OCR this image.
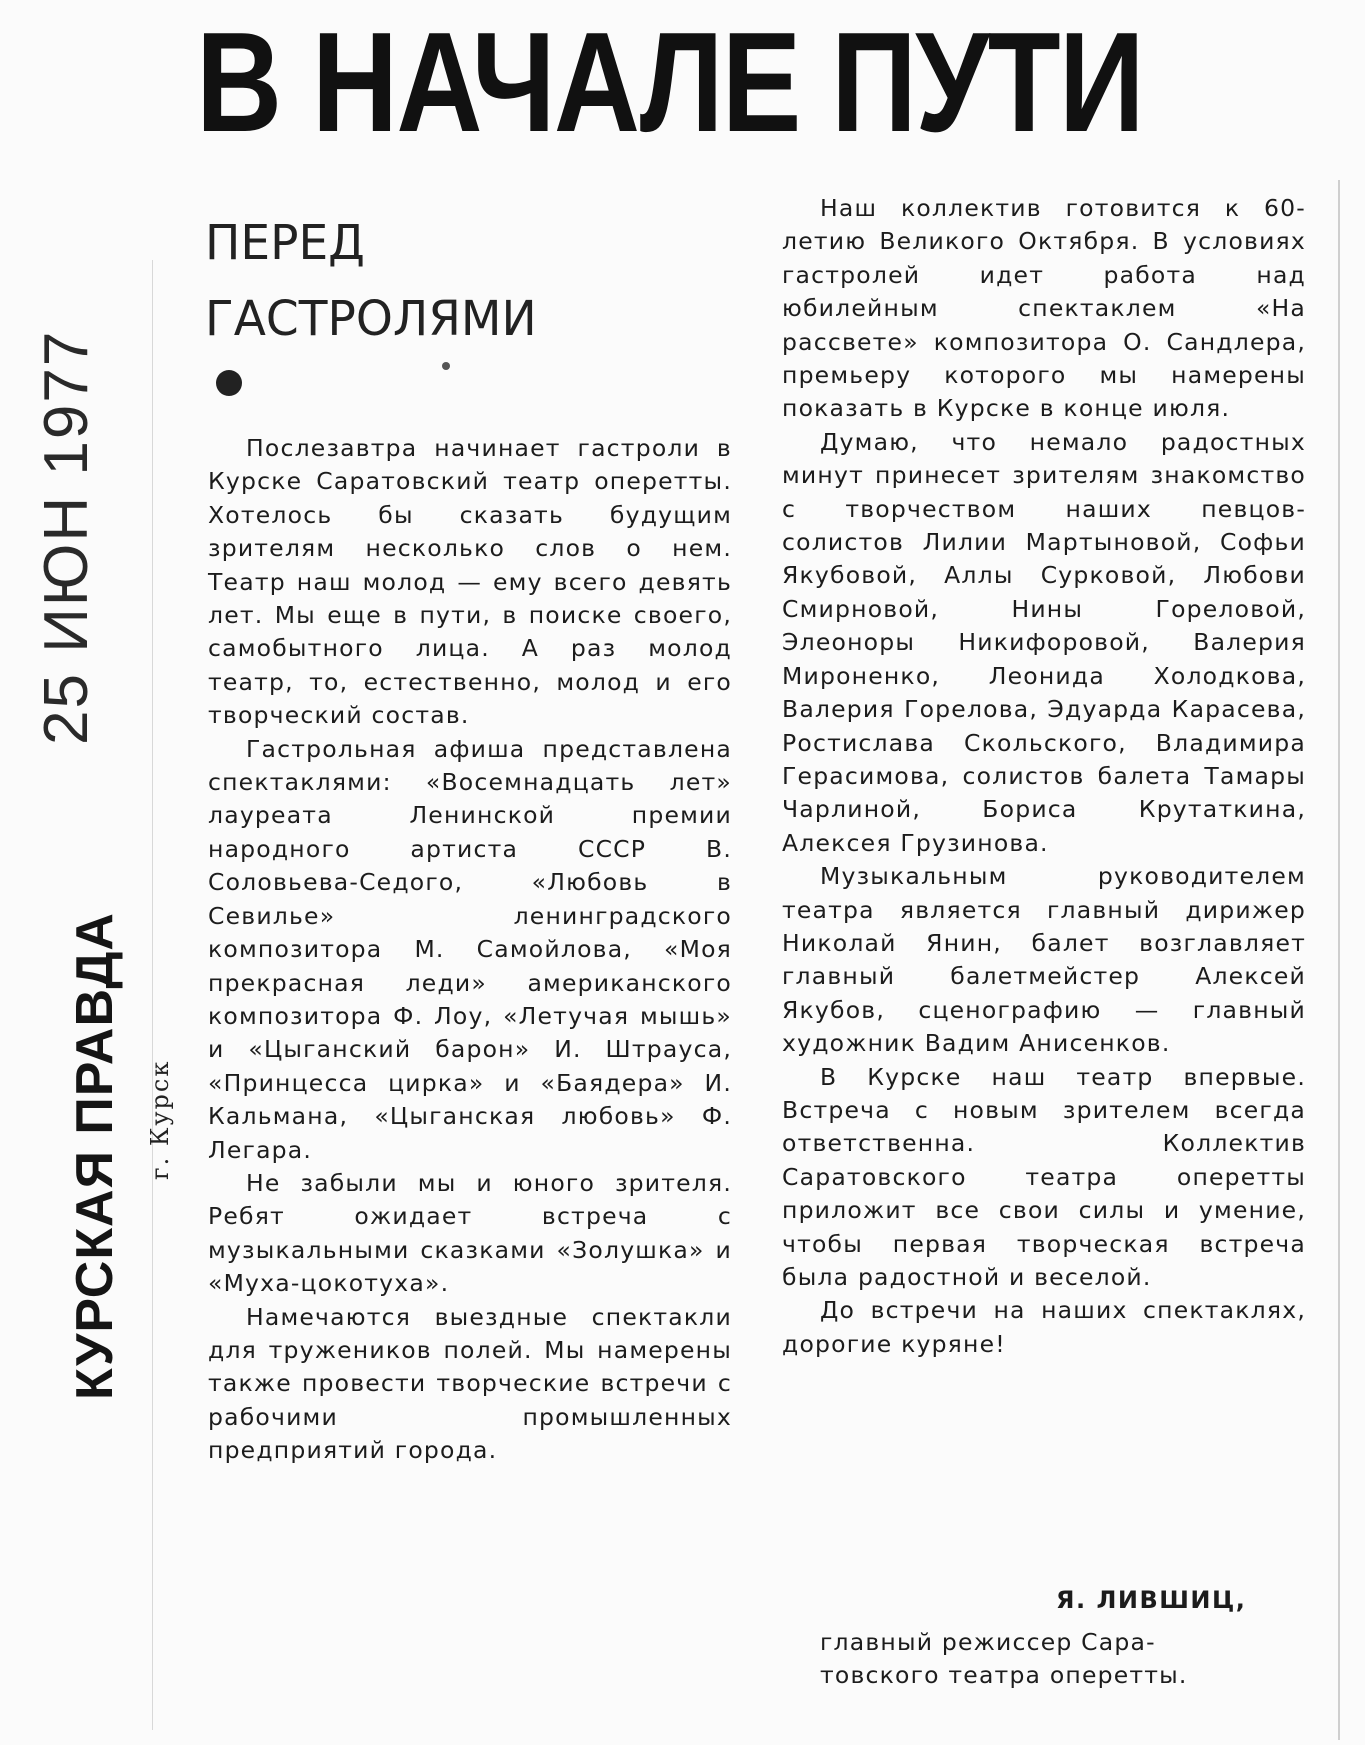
В НАЧАЛЕ ПУТИ
ПЕРЕД
ГАСТРОЛЯМИ

Послезавтра начинает гастроли в Курске Саратовский театр оперетты. Хотелось бы сказать будущим зрителям несколько слов о нем. Театр наш молод — ему всего девять лет. Мы еще в пути, в поиске своего, самобытного лица. А раз молод театр, то, естественно, молод и его творческий состав.

Гастрольная афиша представлена спектаклями: «Восемнадцать лет» лауреата Ленинской премии народного артиста СССР В. Соловьева-Седого, «Любовь в Севилье» ленинградского композитора М. Самойлова, «Моя прекрасная леди» американского композитора Ф. Лоу, «Летучая мышь» и «Цыганский барон» И. Штрауса, «Принцесса цирка» и «Баядера» И. Кальмана, «Цыганская любовь» Ф. Легара.

Не забыли мы и юного зрителя. Ребят ожидает встреча с музыкальными сказками «Золушка» и «Муха-цокотуха».

Намечаются выездные спектакли для тружеников полей. Мы намерены также провести творческие встречи с рабочими промышленных предприятий города.

Наш коллектив готовится к 60-летию Великого Октября. В условиях гастролей идет работа над юбилейным спектаклем «На рассвете» композитора О. Сандлера, премьеру которого мы намерены показать в Курске в конце июля.

Думаю, что немало радостных минут принесет зрителям знакомство с творчеством наших певцов-солистов Лилии Мартыновой, Софьи Якубовой, Аллы Сурковой, Любови Смирновой, Нины Гореловой, Элеоноры Никифоровой, Валерия Мироненко, Леонида Холодкова, Валерия Горелова, Эдуарда Карасева, Ростислава Скольского, Владимира Герасимова, солистов балета Тамары Чарлиной, Бориса Крутаткина, Алексея Грузинова.

Музыкальным руководителем театра является главный дирижер Николай Янин, балет возглавляет главный балетмейстер Алексей Якубов, сценографию — главный художник Вадим Анисенков.

В Курске наш театр впервые. Встреча с новым зрителем всегда ответственна. Коллектив Саратовского театра оперетты приложит все свои силы и умение, чтобы первая творческая встреча была радостной и веселой.

До встречи на наших спектаклях, дорогие куряне!

Я. ЛИВШИЦ,
главный режиссер Сара-
товского театра оперетты.
КУРСКАЯ ПРАВДА г. Курск
25 ИЮН 1977
